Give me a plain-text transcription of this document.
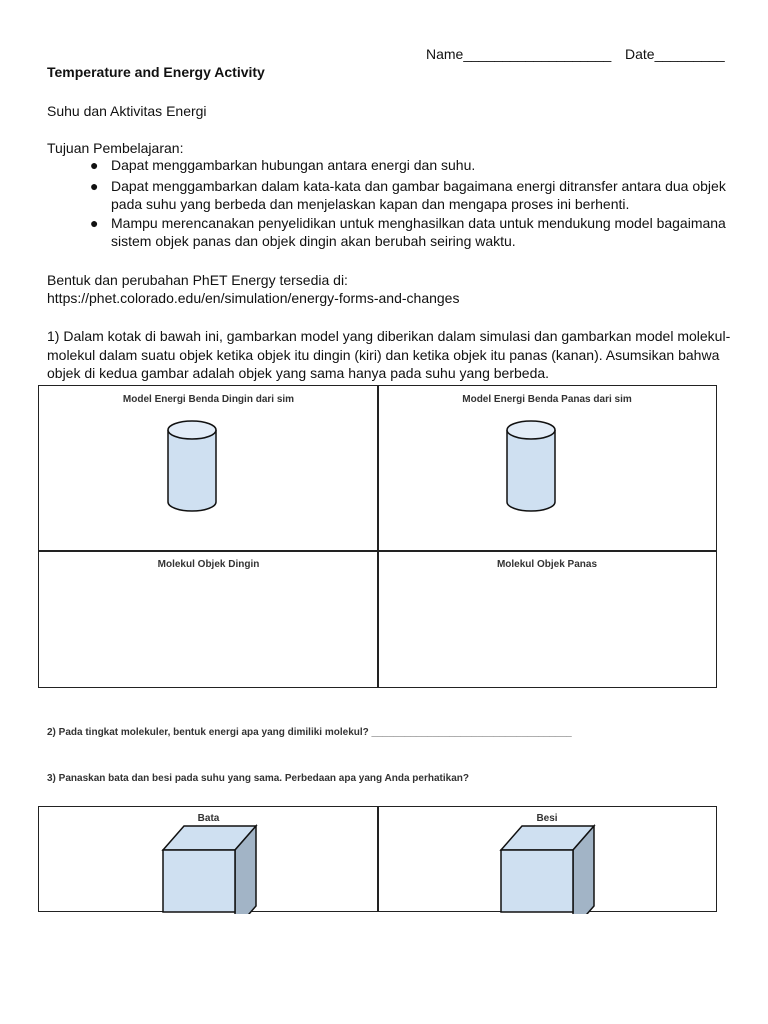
Name___________________ Date_________
Temperature and Energy Activity
Suhu dan Aktivitas Energi
Tujuan Pembelajaran:
● Dapat menggambarkan hubungan antara energi dan suhu.
● Dapat menggambarkan dalam kata-kata dan gambar bagaimana energi ditransfer antara dua objek
pada suhu yang berbeda dan menjelaskan kapan dan mengapa proses ini berhenti.
● Mampu merencanakan penyelidikan untuk menghasilkan data untuk mendukung model bagaimana
sistem objek panas dan objek dingin akan berubah seiring waktu.
Bentuk dan perubahan PhET Energy tersedia di:
https://phet.colorado.edu/en/simulation/energy-forms-and-changes
1) Dalam kotak di bawah ini, gambarkan model yang diberikan dalam simulasi dan gambarkan model molekul-
molekul dalam suatu objek ketika objek itu dingin (kiri) dan ketika objek itu panas (kanan). Asumsikan bahwa
objek di kedua gambar adalah objek yang sama hanya pada suhu yang berbeda.
Model Energi Benda Dingin dari sim	Model Energi Benda Panas dari sim
Molekul Objek Dingin	Molekul Objek Panas
2) Pada tingkat molekuler, bentuk energi apa yang dimiliki molekul? ____________________________________
3) Panaskan bata dan besi pada suhu yang sama. Perbedaan apa yang Anda perhatikan?
Bata	Besi
